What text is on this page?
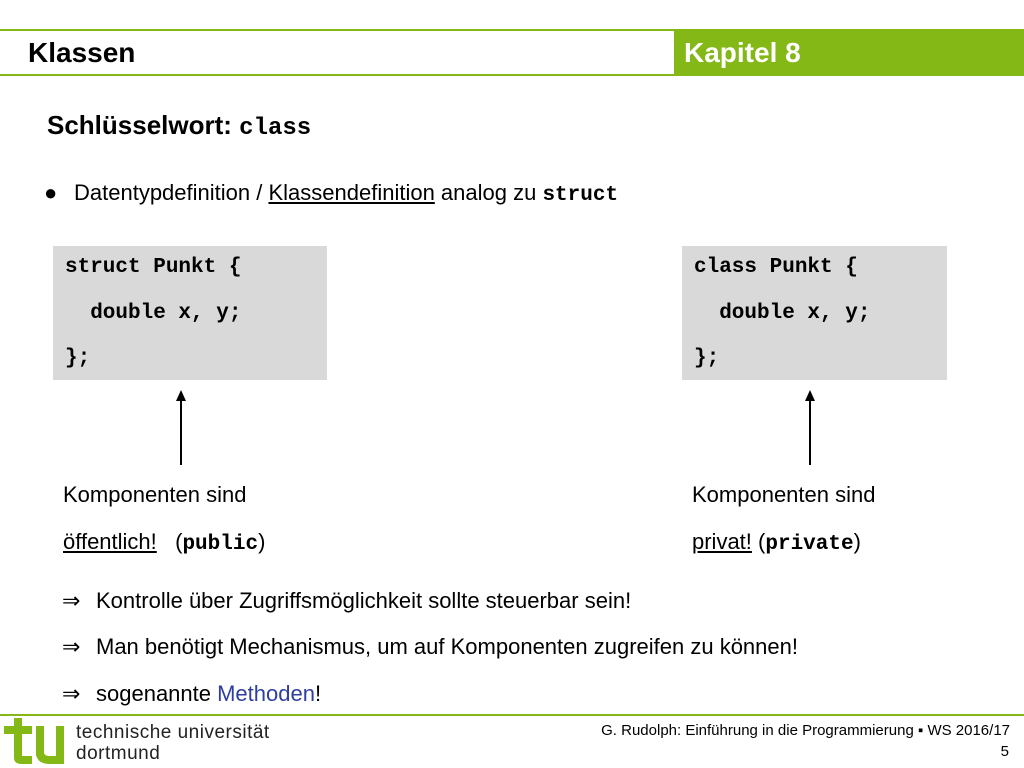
Klassen	Kapitel 8
Schlüsselwort: class
● Datentypdefinition / Klassendefinition analog zu struct
struct Punkt {
double x, y;
};
class Punkt {
double x, y;
};
Komponenten sind
öffentlich! (public)
Komponenten sind
privat! (private)
⇒ Kontrolle über Zugriffsmöglichkeit sollte steuerbar sein!
⇒ Man benötigt Mechanismus, um auf Komponenten zugreifen zu können!
⇒ sogenannte Methoden!
technische universität
dortmund
G. Rudolph: Einführung in die Programmierung ▪ WS 2016/17
5
